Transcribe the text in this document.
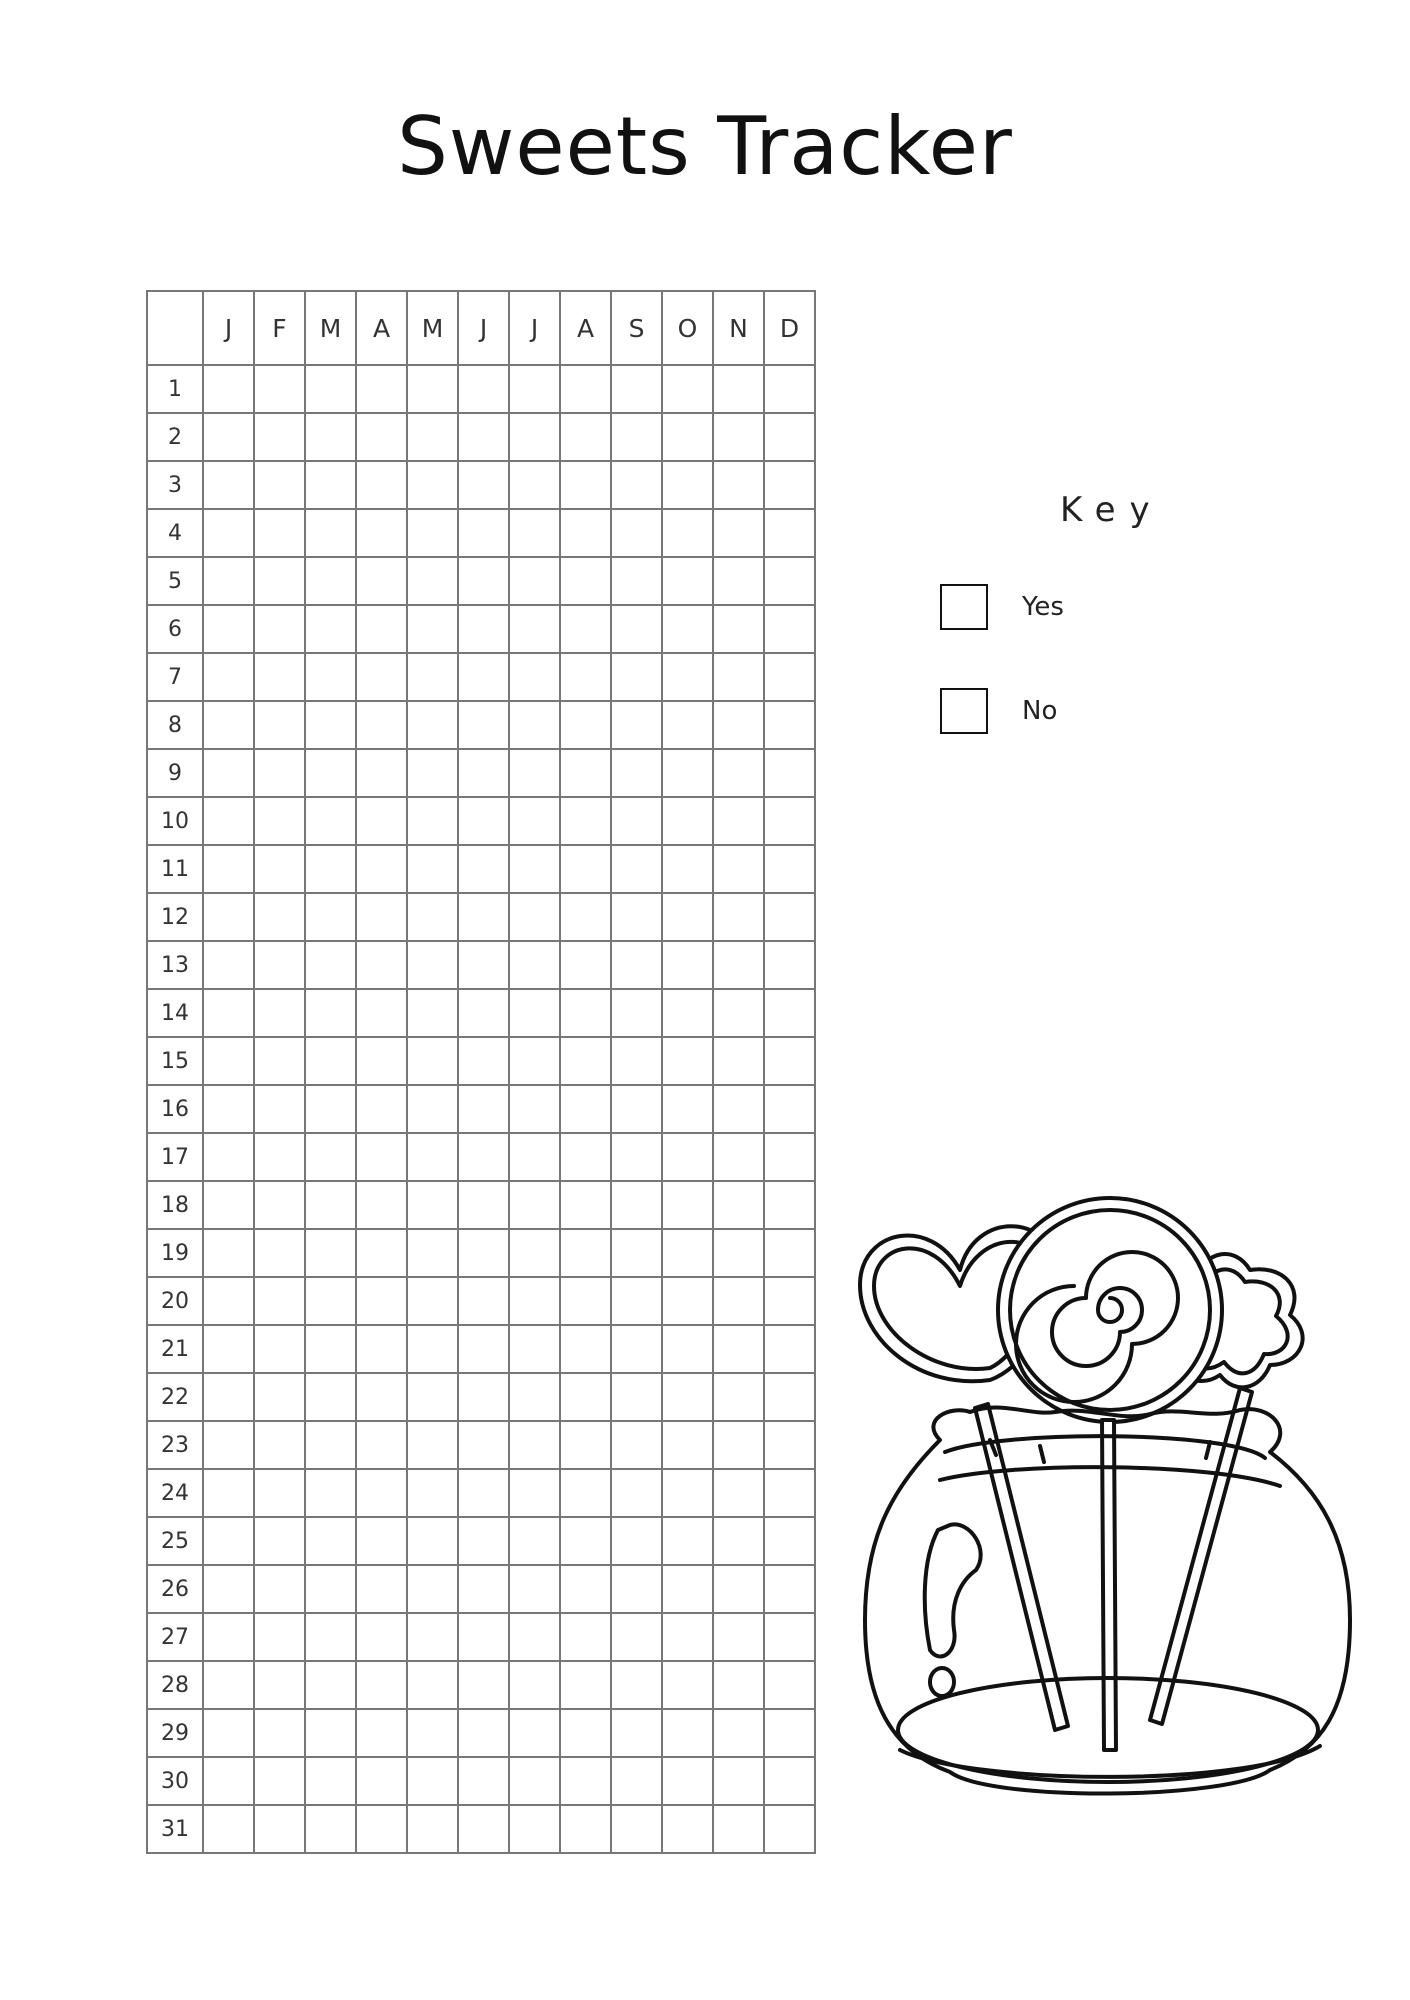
Sweets Tracker
	J	F	M	A	M	J	J	A	S	O	N	D
1												
2												
3												
4												
5												
6												
7												
8												
9												
10												
11												
12												
13												
14												
15												
16												
17												
18												
19												
20												
21												
22												
23												
24												
25												
26												
27												
28												
29												
30												
31												
Key
Yes
No
